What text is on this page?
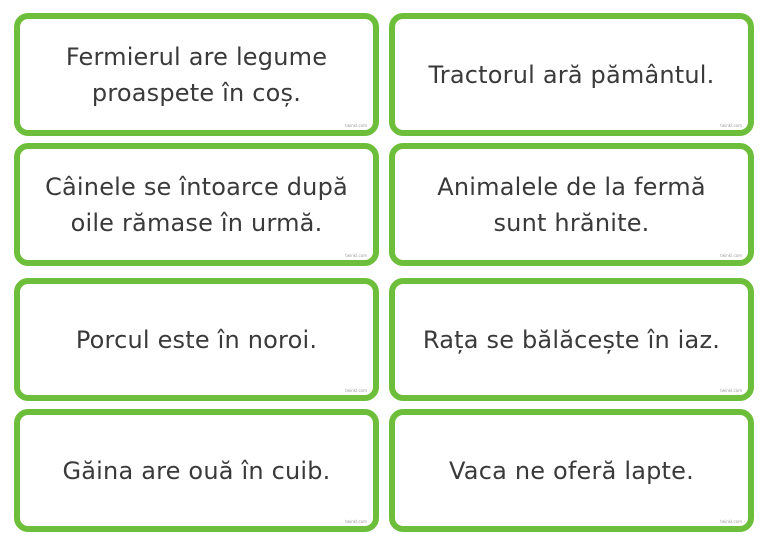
Fermierul are legume
proaspete în coș.
twinkl.com
Tractorul ară pământul.
twinkl.com
Câinele se întoarce după
oile rămase în urmă.
twinkl.com
Animalele de la fermă
sunt hrănite.
twinkl.com
Porcul este în noroi.
twinkl.com
Rața se bălăcește în iaz.
twinkl.com
Găina are ouă în cuib.
twinkl.com
Vaca ne oferă lapte.
twinkl.com
